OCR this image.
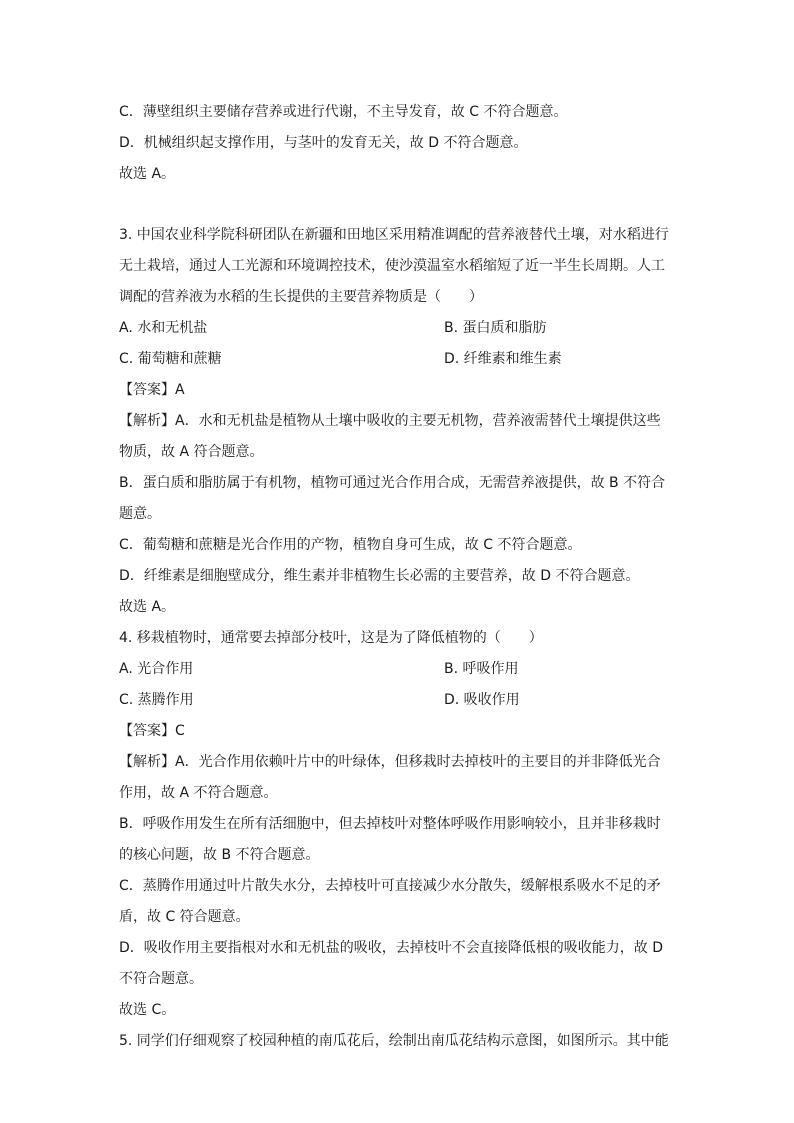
C．薄壁组织主要储存营养或进行代谢，不主导发育，故 C 不符合题意。
D．机械组织起支撑作用，与茎叶的发育无关，故 D 不符合题意。
故选 A。
3. 中国农业科学院科研团队在新疆和田地区采用精准调配的营养液替代土壤，对水稻进行
无土栽培，通过人工光源和环境调控技术，使沙漠温室水稻缩短了近一半生长周期。人工
调配的营养液为水稻的生长提供的主要营养物质是（　　）
A. 水和无机盐	B. 蛋白质和脂肪
C. 葡萄糖和蔗糖	D. 纤维素和维生素
【答案】A
【解析】A．水和无机盐是植物从土壤中吸收的主要无机物，营养液需替代土壤提供这些
物质，故 A 符合题意。
B．蛋白质和脂肪属于有机物，植物可通过光合作用合成，无需营养液提供，故 B 不符合
题意。
C．葡萄糖和蔗糖是光合作用的产物，植物自身可生成，故 C 不符合题意。
D．纤维素是细胞壁成分，维生素并非植物生长必需的主要营养，故 D 不符合题意。
故选 A。
4. 移栽植物时，通常要去掉部分枝叶，这是为了降低植物的（　　）
A. 光合作用	B. 呼吸作用
C. 蒸腾作用	D. 吸收作用
【答案】C
【解析】A．光合作用依赖叶片中的叶绿体，但移栽时去掉枝叶的主要目的并非降低光合
作用，故 A 不符合题意。
B．呼吸作用发生在所有活细胞中，但去掉枝叶对整体呼吸作用影响较小，且并非移栽时
的核心问题，故 B 不符合题意。
C．蒸腾作用通过叶片散失水分，去掉枝叶可直接减少水分散失，缓解根系吸水不足的矛
盾，故 C 符合题意。
D．吸收作用主要指根对水和无机盐的吸收，去掉枝叶不会直接降低根的吸收能力，故 D
不符合题意。
故选 C。
5. 同学们仔细观察了校园种植的南瓜花后，绘制出南瓜花结构示意图，如图所示。其中能
